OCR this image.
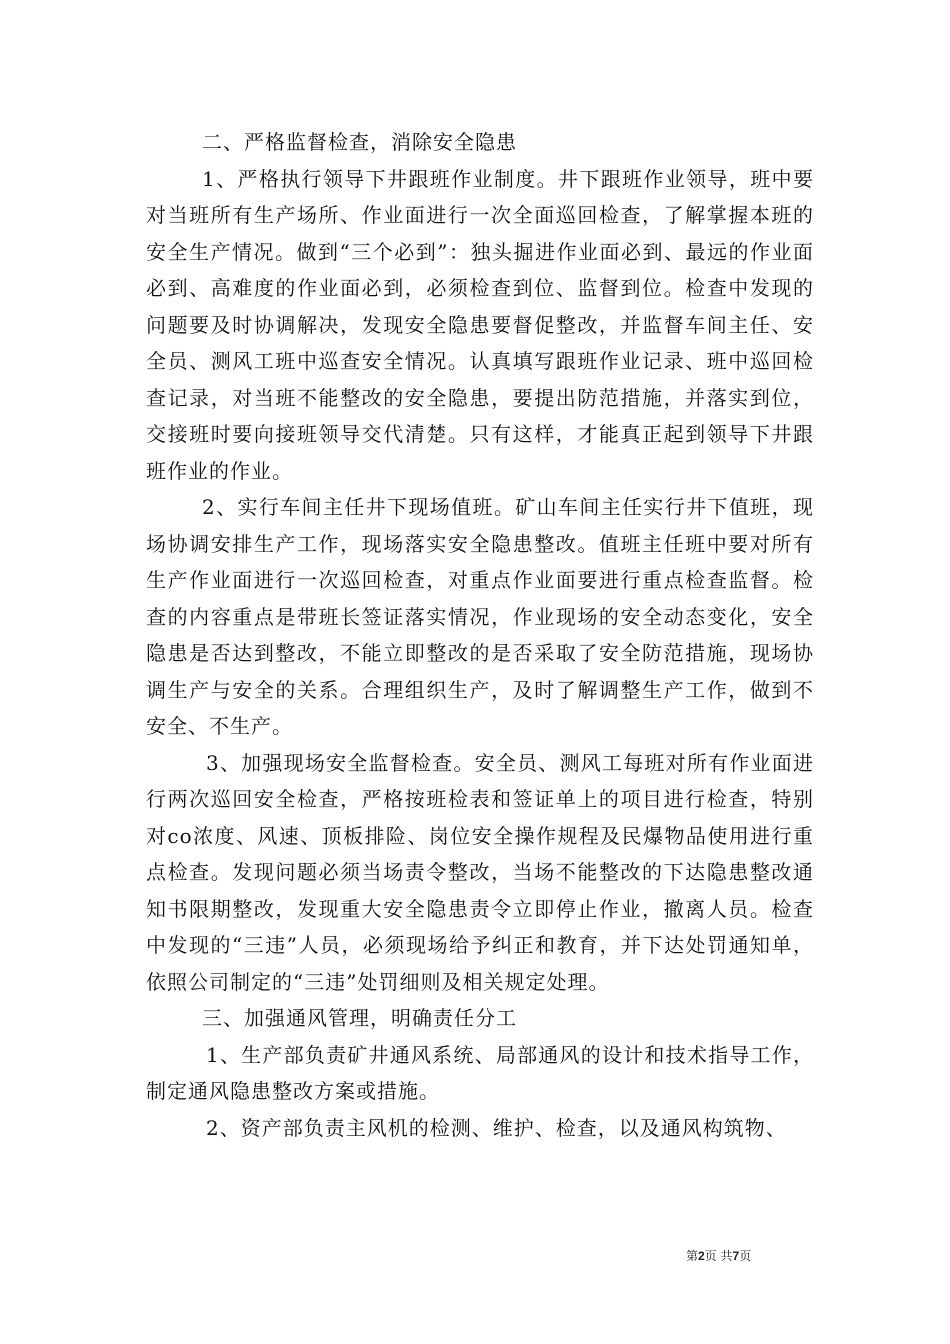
二、严格监督检查，消除安全隐患

1、严格执行领导下井跟班作业制度。井下跟班作业领导，班中要对当班所有生产场所、作业面进行一次全面巡回检查，了解掌握本班的安全生产情况。做到“三个必到”：独头掘进作业面必到、最远的作业面必到、高难度的作业面必到，必须检查到位、监督到位。检查中发现的问题要及时协调解决，发现安全隐患要督促整改，并监督车间主任、安全员、测风工班中巡查安全情况。认真填写跟班作业记录、班中巡回检查记录，对当班不能整改的安全隐患，要提出防范措施，并落实到位，交接班时要向接班领导交代清楚。只有这样，才能真正起到领导下井跟班作业的作业。

2、实行车间主任井下现场值班。矿山车间主任实行井下值班，现场协调安排生产工作，现场落实安全隐患整改。值班主任班中要对所有生产作业面进行一次巡回检查，对重点作业面要进行重点检查监督。检查的内容重点是带班长签证落实情况，作业现场的安全动态变化，安全隐患是否达到整改，不能立即整改的是否采取了安全防范措施，现场协调生产与安全的关系。合理组织生产，及时了解调整生产工作，做到不安全、不生产。

3、加强现场安全监督检查。安全员、测风工每班对所有作业面进行两次巡回安全检查，严格按班检表和签证单上的项目进行检查，特别对co浓度、风速、顶板排险、岗位安全操作规程及民爆物品使用进行重点检查。发现问题必须当场责令整改，当场不能整改的下达隐患整改通知书限期整改，发现重大安全隐患责令立即停止作业，撤离人员。检查中发现的“三违”人员，必须现场给予纠正和教育，并下达处罚通知单，依照公司制定的“三违”处罚细则及相关规定处理。

三、加强通风管理，明确责任分工

1、生产部负责矿井通风系统、局部通风的设计和技术指导工作，制定通风隐患整改方案或措施。

2、资产部负责主风机的检测、维护、检查，以及通风构筑物、

第2页 共7页
